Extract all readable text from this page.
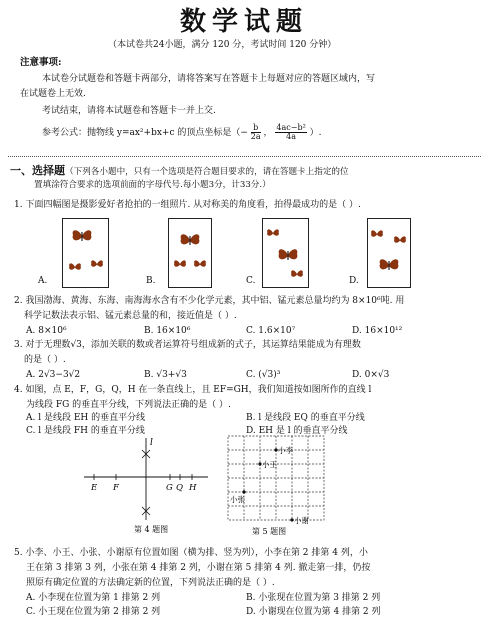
数学试题
（本试卷共24小题，满分 120 分，考试时间 120 分钟）
注意事项:
本试卷分试题卷和答题卡两部分，请将答案写在答题卡上每题对应的答题区域内，写
在试题卷上无效.
考试结束，请将本试题卷和答题卡一并上交.
参考公式：抛物线 y=ax²+bx+c 的顶点坐标是（− $\frac{b}{2a}$ ， $\frac{\text{4ac−b²}}{4a}$ ）.
一、选择题（下列各小题中，只有一个选项是符合题目要求的，请在答题卡上指定的位
置填涂符合要求的选项前面的字母代号.每小题3分，计33分.）
1. 下面四幅图是摄影爱好者抢拍的一组照片. 从对称美的角度看，拍得最成功的是（ ）.
A.	B.	C.	D.
2. 我国渤海、黄海、东海、南海海水含有不少化学元素，其中铝、锰元素总量均约为 8×10⁶吨. 用
科学记数法表示铝、锰元素总量的和，接近值是（ ）.
A. 8×10⁶	B. 16×10⁶	C. 1.6×10⁷	D. 16×10¹²
3. 对于无理数√3，添加关联的数或者运算符号组成新的式子，其运算结果能成为有理数
的是（ ）.
A. 2√3−3√2	B. √3+√3	C. (√3)³	D. 0×√3
4. 如图，点 E，F，G，Q，H 在一条直线上，且 EF=GH，我们知道按如图所作的直线 l
为线段 FG 的垂直平分线，下列说法正确的是（ ）.
A. l 是线段 EH 的垂直平分线	B. l 是线段 EQ 的垂直平分线
C. l 是线段 FH 的垂直平分线	D. EH 是 l 的垂直平分线
l
E F	G Q H
第 4 题图
小李
小王
小张
小谢
第 5 题图
5. 小李、小王、小张、小谢原有位置如图（横为排、竖为列），小李在第 2 排第 4 列，小
王在第 3 排第 3 列，小张在第 4 排第 2 列，小谢在第 5 排第 4 列. 撤走第一排，仍按
照原有确定位置的方法确定新的位置，下列说法正确的是（ ）.
A. 小李现在位置为第 1 排第 2 列	B. 小张现在位置为第 3 排第 2 列
C. 小王现在位置为第 2 排第 2 列	D. 小谢现在位置为第 4 排第 2 列
